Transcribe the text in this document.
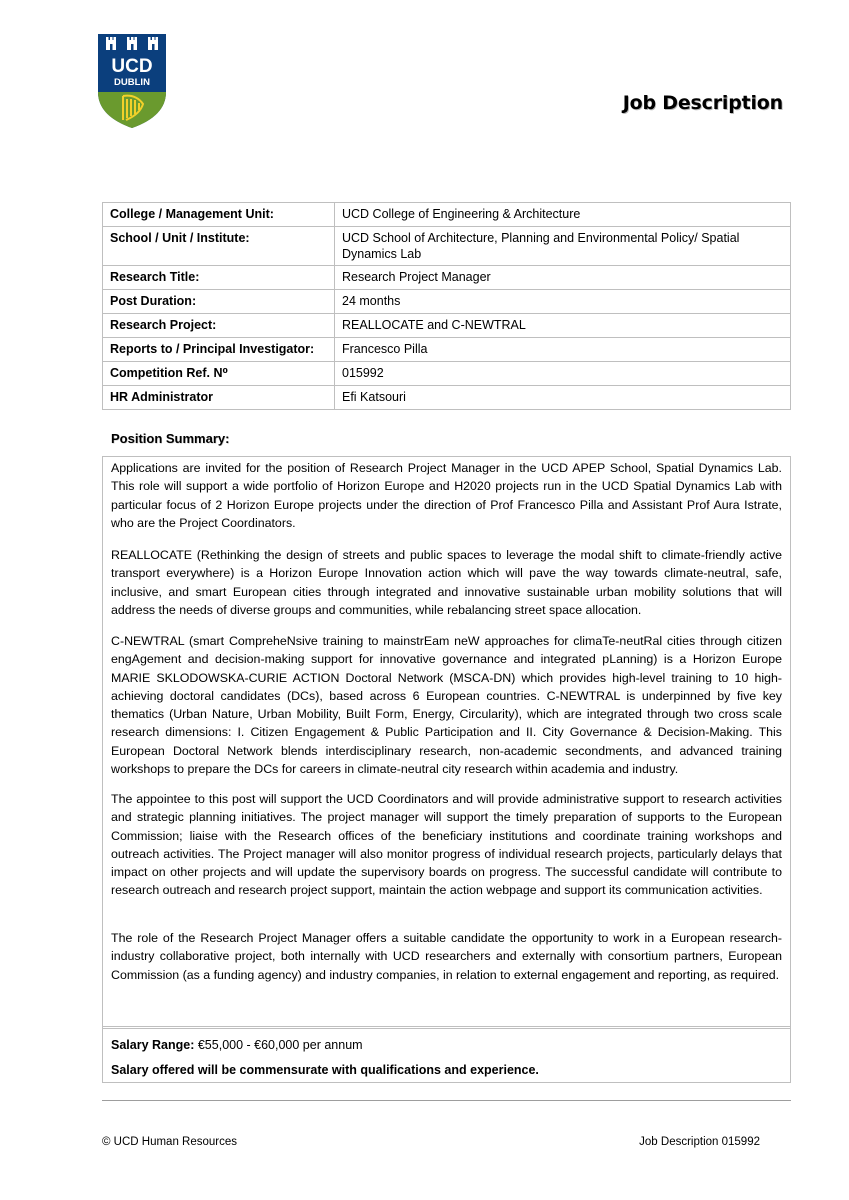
UCD
DUBLIN
Job Description
College / Management Unit:	UCD College of Engineering & Architecture
School / Unit / Institute:	UCD School of Architecture, Planning and Environmental Policy/ Spatial Dynamics Lab
Research Title:	Research Project Manager
Post Duration:	24 months
Research Project:	REALLOCATE and C-NEWTRAL
Reports to / Principal Investigator:	Francesco Pilla
Competition Ref. N⁰	015992
HR Administrator	Efi Katsouri
Position Summary:

Applications are invited for the position of Research Project Manager in the UCD APEP School, Spatial Dynamics Lab. This role will support a wide portfolio of Horizon Europe and H2020 projects run in the UCD Spatial Dynamics Lab with particular focus of 2 Horizon Europe projects under the direction of Prof Francesco Pilla and Assistant Prof Aura Istrate, who are the Project Coordinators.

REALLOCATE (Rethinking the design of streets and public spaces to leverage the modal shift to climate-friendly active transport everywhere) is a Horizon Europe Innovation action which will pave the way towards climate-neutral, safe, inclusive, and smart European cities through integrated and innovative sustainable urban mobility solutions that will address the needs of diverse groups and communities, while rebalancing street space allocation.

C-NEWTRAL (smart CompreheNsive training to mainstrEam neW approaches for climaTe-neutRal cities through citizen engAgement and decision-making support for innovative governance and integrated pLanning) is a Horizon Europe MARIE SKLODOWSKA-CURIE ACTION Doctoral Network (MSCA-DN) which provides high-level training to 10 high-achieving doctoral candidates (DCs), based across 6 European countries. C-NEWTRAL is underpinned by five key thematics (Urban Nature, Urban Mobility, Built Form, Energy, Circularity), which are integrated through two cross scale research dimensions: I. Citizen Engagement & Public Participation and II. City Governance & Decision-Making. This European Doctoral Network blends interdisciplinary research, non-academic secondments, and advanced training workshops to prepare the DCs for careers in climate-neutral city research within academia and industry.

The appointee to this post will support the UCD Coordinators and will provide administrative support to research activities and strategic planning initiatives. The project manager will support the timely preparation of supports to the European Commission; liaise with the Research offices of the beneficiary institutions and coordinate training workshops and outreach activities. The Project manager will also monitor progress of individual research projects, particularly delays that impact on other projects and will update the supervisory boards on progress. The successful candidate will contribute to research outreach and research project support, maintain the action webpage and support its communication activities.

The role of the Research Project Manager offers a suitable candidate the opportunity to work in a European research-industry collaborative project, both internally with UCD researchers and externally with consortium partners, European Commission (as a funding agency) and industry companies, in relation to external engagement and reporting, as required.

Salary Range: €55,000 - €60,000 per annum
Salary offered will be commensurate with qualifications and experience.
© UCD Human Resources	Job Description 015992
